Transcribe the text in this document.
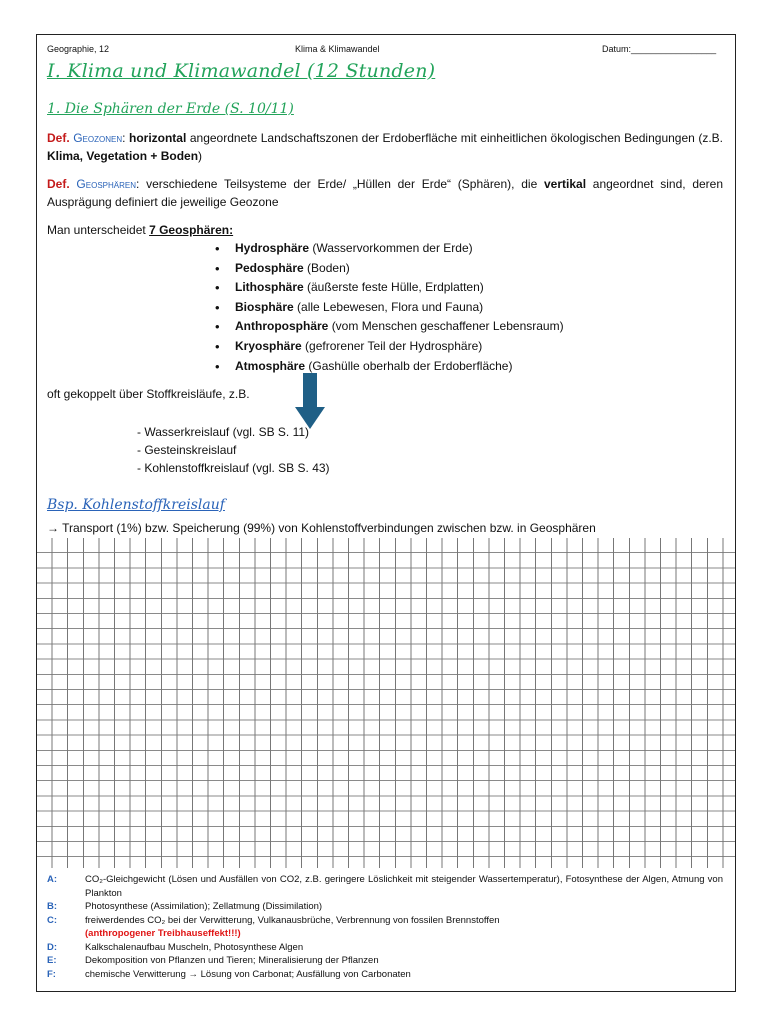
Geographie, 12	Klima & Klimawandel	Datum:_________________
I. Klima und Klimawandel (12 Stunden)
1. Die Sphären der Erde (S. 10/11)

Def. Geozonen: horizontal angeordnete Landschaftszonen der Erdoberfläche mit einheitlichen ökologischen Bedingungen (z.B. Klima, Vegetation + Boden)

Def. Geosphären: verschiedene Teilsysteme der Erde/ „Hüllen der Erde“ (Sphären), die vertikal angeordnet sind, deren Ausprägung definiert die jeweilige Geozone

Man unterscheidet 7 Geosphären:
• Hydrosphäre (Wasservorkommen der Erde)
• Pedosphäre (Boden)
• Lithosphäre (äußerste feste Hülle, Erdplatten)
• Biosphäre (alle Lebewesen, Flora und Fauna)
• Anthroposphäre (vom Menschen geschaffener Lebensraum)
• Kryosphäre (gefrorener Teil der Hydrosphäre)
• Atmosphäre (Gashülle oberhalb der Erdoberfläche)
oft gekoppelt über Stoffkreisläufe, z.B.
- Wasserkreislauf (vgl. SB S. 11)
- Gesteinskreislauf
- Kohlenstoffkreislauf (vgl. SB S. 43)
Bsp. Kohlenstoffkreislauf
→ Transport (1%) bzw. Speicherung (99%) von Kohlenstoffverbindungen zwischen bzw. in Geosphären
A:	CO₂-Gleichgewicht (Lösen und Ausfällen von CO2, z.B. geringere Löslichkeit mit steigender Wassertemperatur), Fotosynthese der Algen, Atmung von Plankton
B:	Photosynthese (Assimilation); Zellatmung (Dissimilation)
C:	freiwerdendes CO₂ bei der Verwitterung, Vulkanausbrüche, Verbrennung von fossilen Brennstoffen
(anthropogener Treibhauseffekt!!!)
D:	Kalkschalenaufbau Muscheln, Photosynthese Algen
E:	Dekomposition von Pflanzen und Tieren; Mineralisierung der Pflanzen
F:	chemische Verwitterung → Lösung von Carbonat; Ausfällung von Carbonaten
